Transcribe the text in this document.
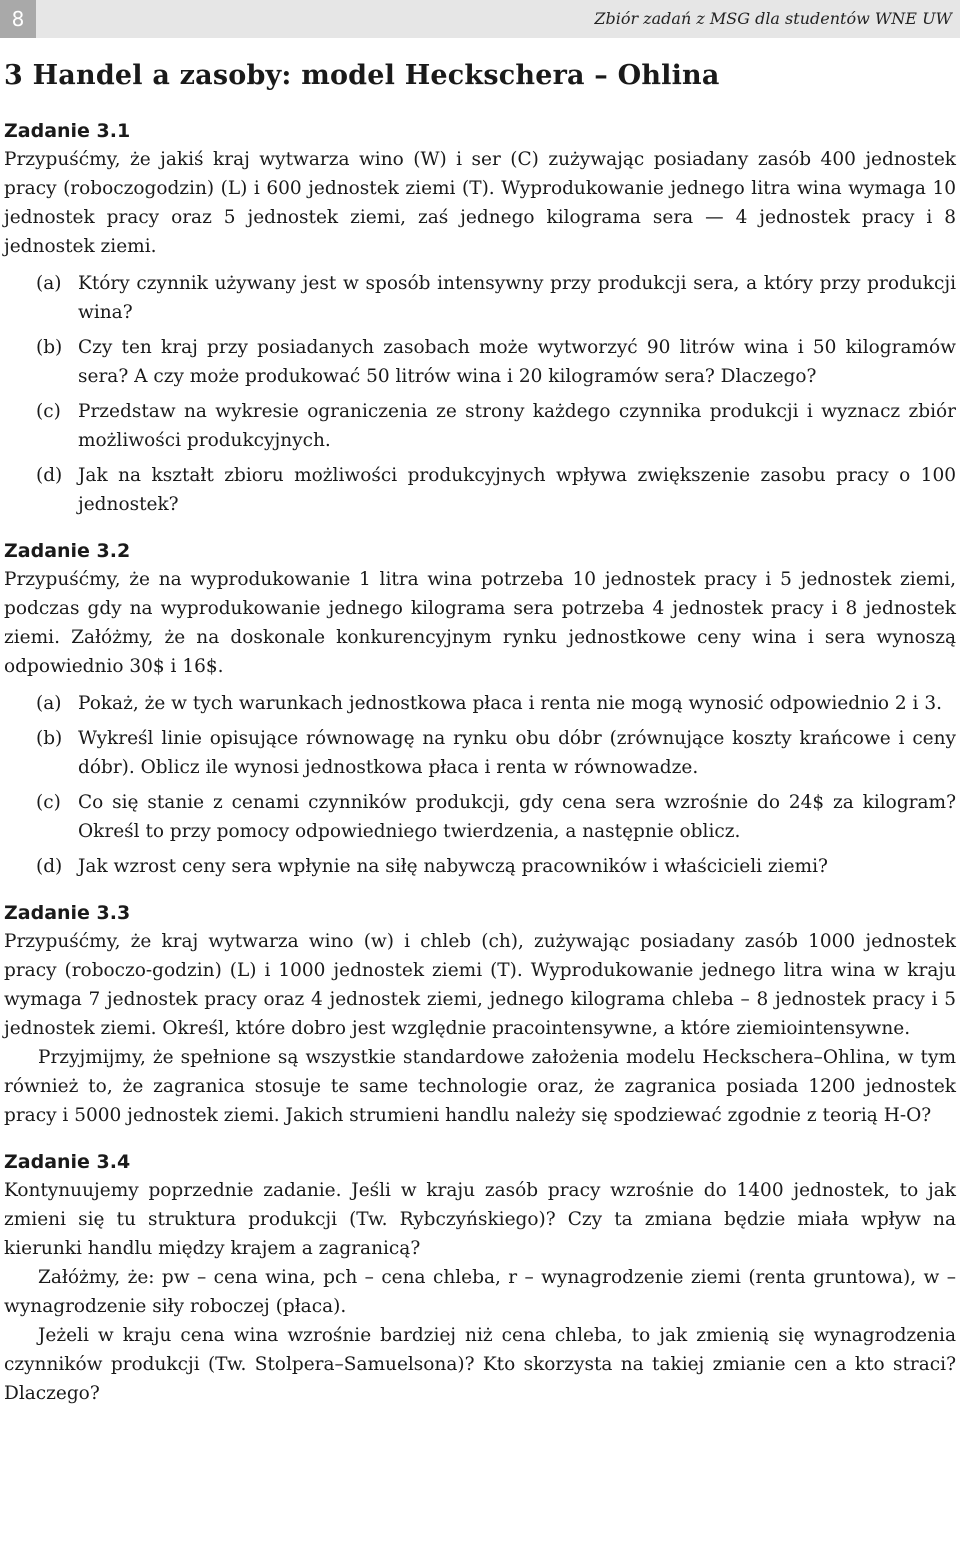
8	Zbiór zadań z MSG dla studentów WNE UW
3 Handel a zasoby: model Heckschera – Ohlina
Zadanie 3.1

Przypuśćmy, że jakiś kraj wytwarza wino (W) i ser (C) zużywając posiadany zasób 400 jednostek pracy (roboczogodzin) (L) i 600 jednostek ziemi (T). Wyprodukowanie jednego litra wina wymaga 10 jednostek pracy oraz 5 jednostek ziemi, zaś jednego kilograma sera — 4 jednostek pracy i 8 jednostek ziemi.

(a) Który czynnik używany jest w sposób intensywny przy produkcji sera, a który przy produkcji wina?
(b) Czy ten kraj przy posiadanych zasobach może wytworzyć 90 litrów wina i 50 kilogramów sera? A czy może produkować 50 litrów wina i 20 kilogramów sera? Dlaczego?
(c) Przedstaw na wykresie ograniczenia ze strony każdego czynnika produkcji i wyznacz zbiór możliwości produkcyjnych.
(d) Jak na kształt zbioru możliwości produkcyjnych wpływa zwiększenie zasobu pracy o 100 jednostek?
Zadanie 3.2

Przypuśćmy, że na wyprodukowanie 1 litra wina potrzeba 10 jednostek pracy i 5 jednostek ziemi, podczas gdy na wyprodukowanie jednego kilograma sera potrzeba 4 jednostek pracy i 8 jednostek ziemi. Załóżmy, że na doskonale konkurencyjnym rynku jednostkowe ceny wina i sera wynoszą odpowiednio 30$ i 16$.

(a) Pokaż, że w tych warunkach jednostkowa płaca i renta nie mogą wynosić odpowiednio 2 i 3.
(b) Wykreśl linie opisujące równowagę na rynku obu dóbr (zrównujące koszty krańcowe i ceny dóbr). Oblicz ile wynosi jednostkowa płaca i renta w równowadze.
(c) Co się stanie z cenami czynników produkcji, gdy cena sera wzrośnie do 24$ za kilogram? Określ to przy pomocy odpowiedniego twierdzenia, a następnie oblicz.
(d) Jak wzrost ceny sera wpłynie na siłę nabywczą pracowników i właścicieli ziemi?
Zadanie 3.3

Przypuśćmy, że kraj wytwarza wino (w) i chleb (ch), zużywając posiadany zasób 1000 jednostek pracy (roboczo-godzin) (L) i 1000 jednostek ziemi (T). Wyprodukowanie jednego litra wina w kraju wymaga 7 jednostek pracy oraz 4 jednostek ziemi, jednego kilograma chleba – 8 jednostek pracy i 5 jednostek ziemi. Określ, które dobro jest względnie pracointensywne, a które ziemiointensywne.

Przyjmijmy, że spełnione są wszystkie standardowe założenia modelu Heckschera–Ohlina, w tym również to, że zagranica stosuje te same technologie oraz, że zagranica posiada 1200 jednostek pracy i 5000 jednostek ziemi. Jakich strumieni handlu należy się spodziewać zgodnie z teorią H-O?

Zadanie 3.4

Kontynuujemy poprzednie zadanie. Jeśli w kraju zasób pracy wzrośnie do 1400 jednostek, to jak zmieni się tu struktura produkcji (Tw. Rybczyńskiego)? Czy ta zmiana będzie miała wpływ na kierunki handlu między krajem a zagranicą?

Załóżmy, że: pw – cena wina, pch – cena chleba, r – wynagrodzenie ziemi (renta gruntowa), w – wynagrodzenie siły roboczej (płaca).

Jeżeli w kraju cena wina wzrośnie bardziej niż cena chleba, to jak zmienią się wynagrodzenia czynników produkcji (Tw. Stolpera–Samuelsona)? Kto skorzysta na takiej zmianie cen a kto straci? Dlaczego?
